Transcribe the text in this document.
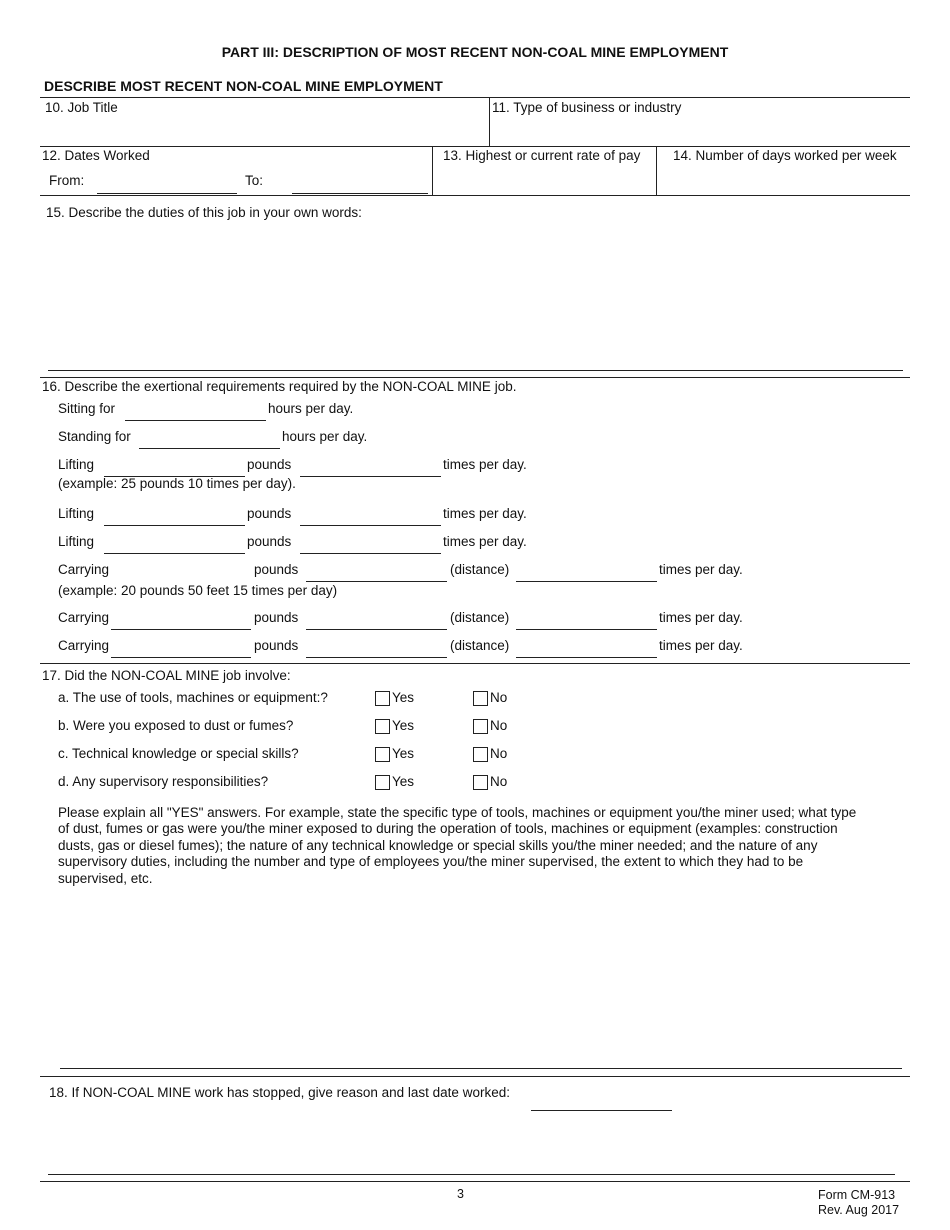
PART III: DESCRIPTION OF MOST RECENT NON-COAL MINE EMPLOYMENT
DESCRIBE MOST RECENT NON-COAL MINE EMPLOYMENT
10. Job Title	11. Type of business or industry
12. Dates Worked
From:	To:
13. Highest or current rate of pay 14. Number of days worked per week
15. Describe the duties of this job in your own words:
16. Describe the exertional requirements required by the NON-COAL MINE job.
Sitting for	hours per day.
Standing for	hours per day.
Lifting	pounds	times per day.
(example: 25 pounds 10 times per day).
Lifting	pounds	times per day.
Lifting	pounds	times per day.
Carrying	pounds	(distance)	times per day.
(example: 20 pounds 50 feet 15 times per day)
Carrying	pounds	(distance)	times per day.
Carrying	pounds	(distance)	times per day.
17. Did the NON-COAL MINE job involve:
a. The use of tools, machines or equipment:?	Yes	No
b. Were you exposed to dust or fumes?	Yes	No
c. Technical knowledge or special skills?	Yes	No
d. Any supervisory responsibilities?	Yes	No
Please explain all "YES" answers. For example, state the specific type of tools, machines or equipment you/the miner used; what type
of dust, fumes or gas were you/the miner exposed to during the operation of tools, machines or equipment (examples: construction
dusts, gas or diesel fumes); the nature of any technical knowledge or special skills you/the miner needed; and the nature of any
supervisory duties, including the number and type of employees you/the miner supervised, the extent to which they had to be
supervised, etc.
18. If NON-COAL MINE work has stopped, give reason and last date worked:
3	Form CM-913
Rev. Aug 2017
